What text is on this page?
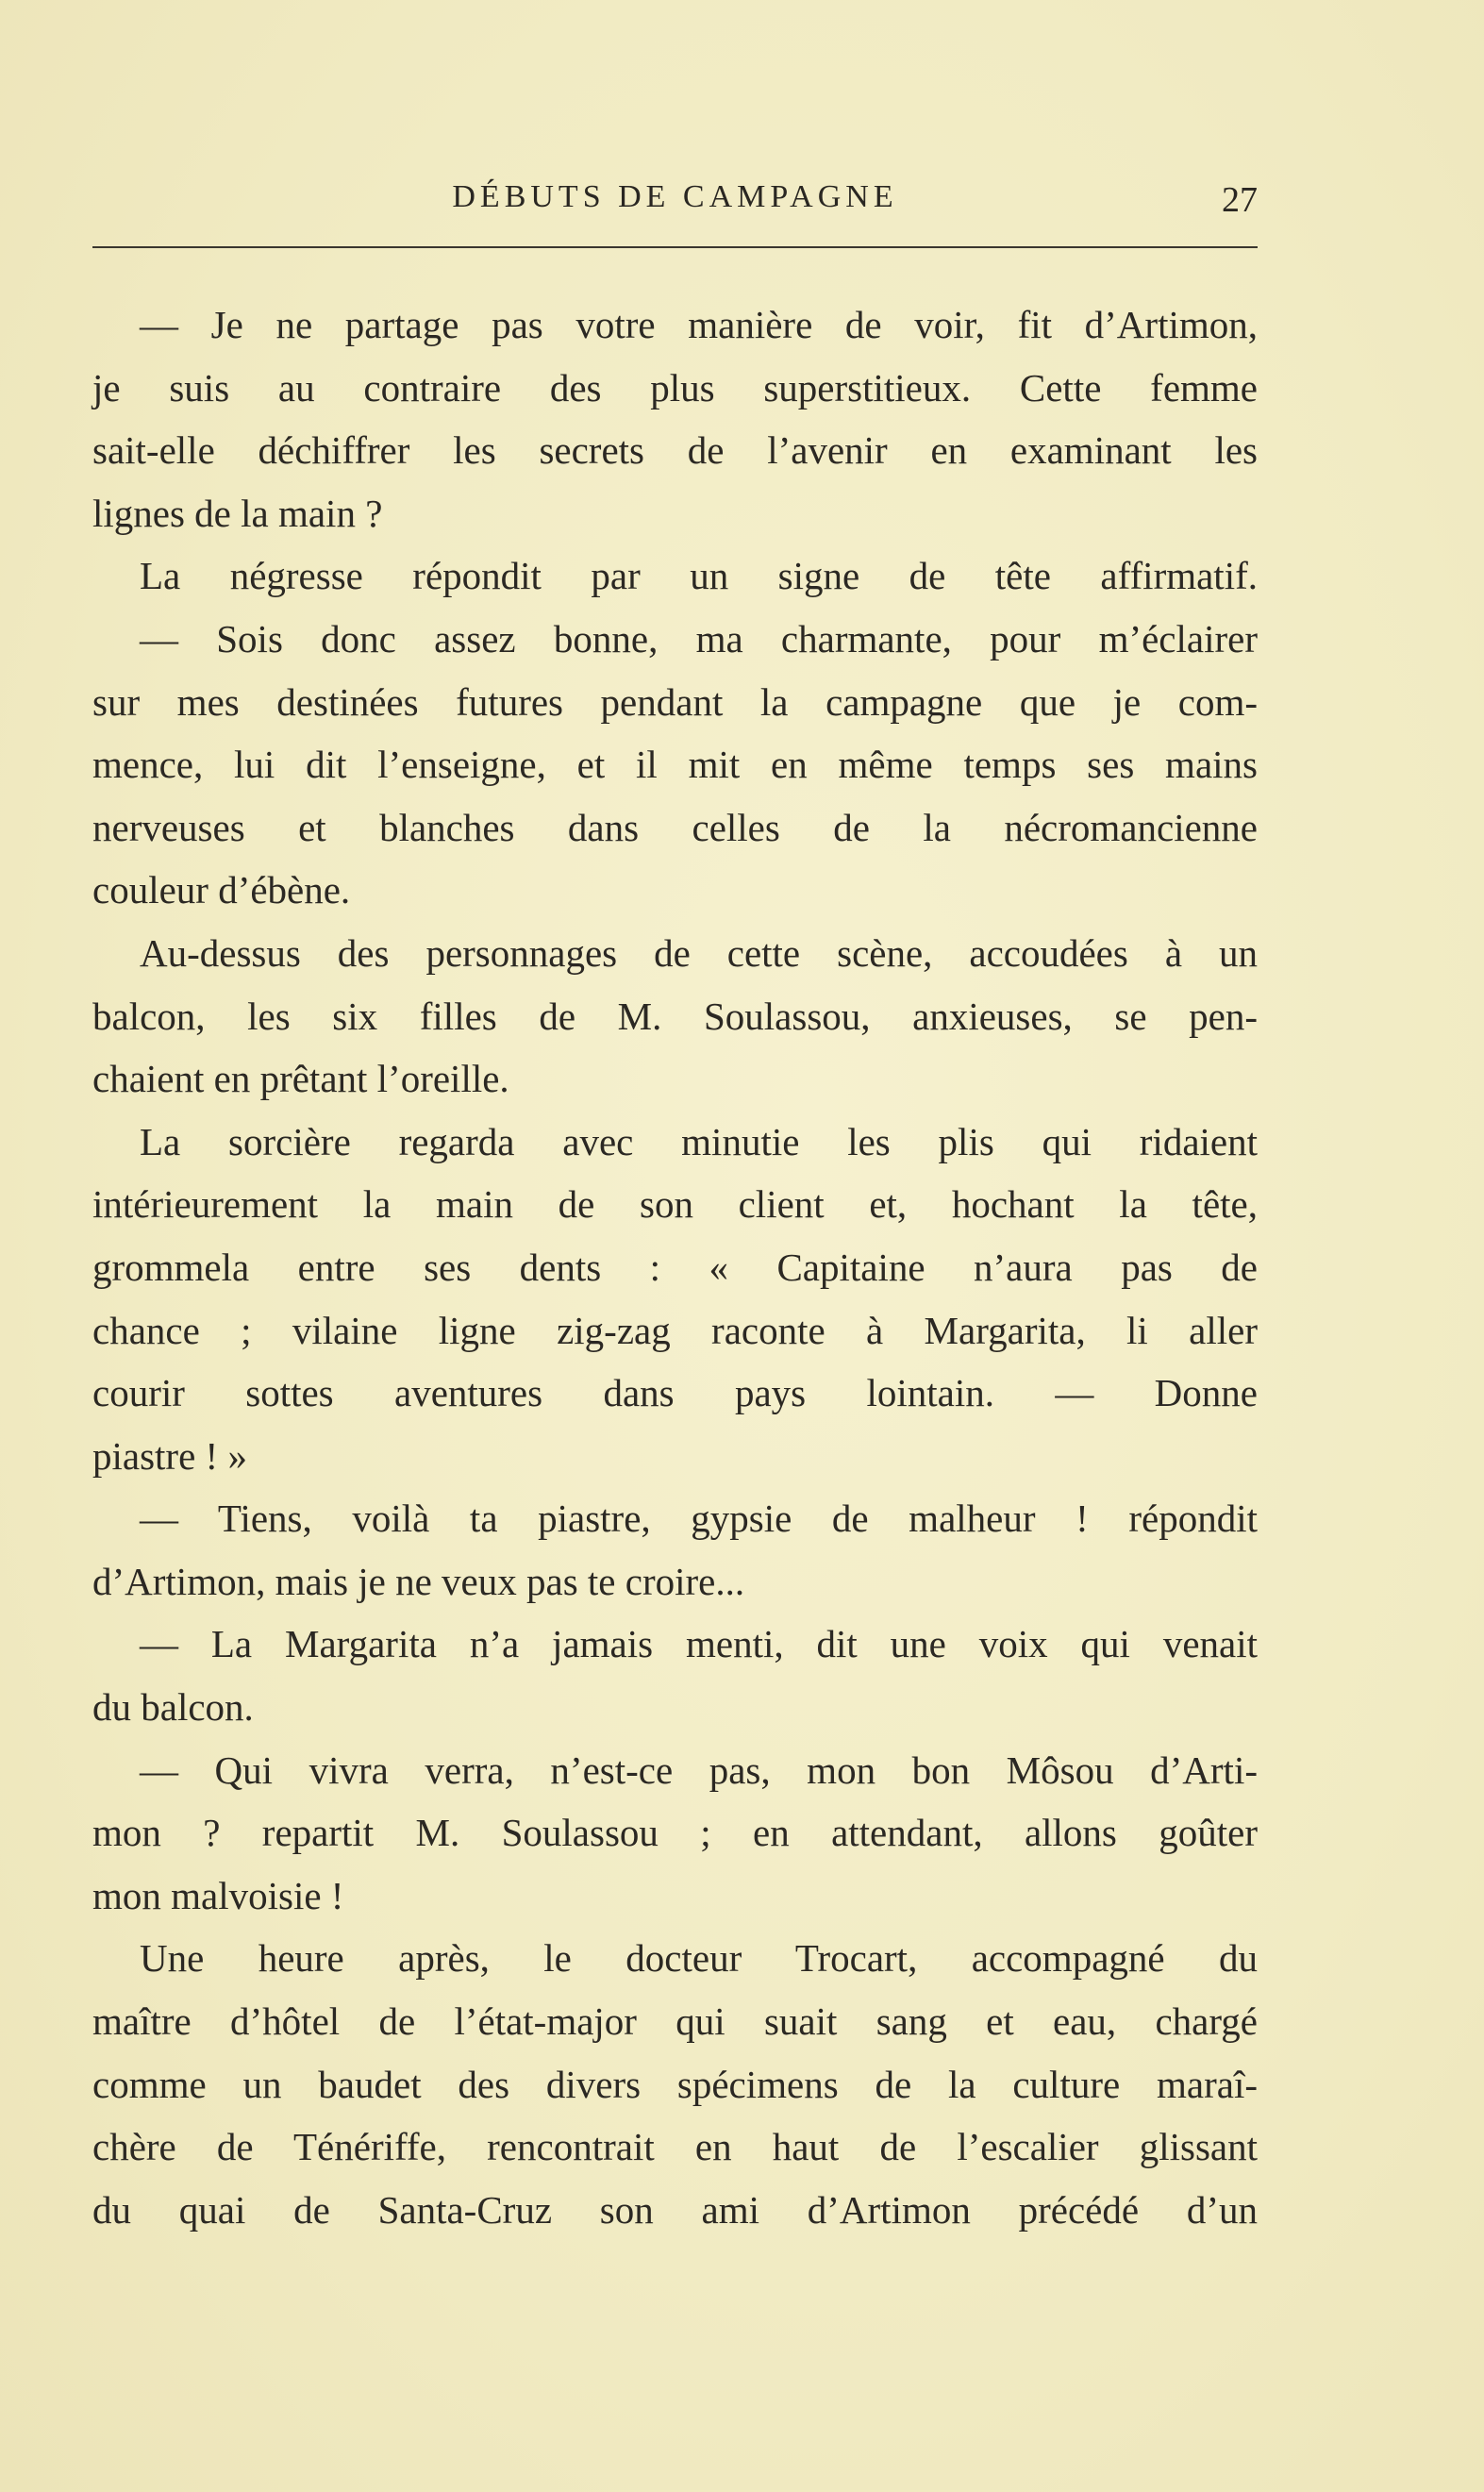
DÉBUTS DE CAMPAGNE	27
— Je ne partage pas votre manière de voir, fit d’Artimon,
je suis au contraire des plus superstitieux. Cette femme
sait-elle déchiffrer les secrets de l’avenir en examinant les
lignes de la main ?
La négresse répondit par un signe de tête affirmatif.
— Sois donc assez bonne, ma charmante, pour m’éclairer
sur mes destinées futures pendant la campagne que je com-
mence, lui dit l’enseigne, et il mit en même temps ses mains
nerveuses et blanches dans celles de la nécromancienne
couleur d’ébène.
Au-dessus des personnages de cette scène, accoudées à un
balcon, les six filles de M. Soulassou, anxieuses, se pen-
chaient en prêtant l’oreille.
La sorcière regarda avec minutie les plis qui ridaient
intérieurement la main de son client et, hochant la tête,
grommela entre ses dents : « Capitaine n’aura pas de
chance ; vilaine ligne zig-zag raconte à Margarita, li aller
courir sottes aventures dans pays lointain. — Donne
piastre ! »
— Tiens, voilà ta piastre, gypsie de malheur ! répondit
d’Artimon, mais je ne veux pas te croire...
— La Margarita n’a jamais menti, dit une voix qui venait
du balcon.
— Qui vivra verra, n’est-ce pas, mon bon Môsou d’Arti-
mon ? repartit M. Soulassou ; en attendant, allons goûter
mon malvoisie !
Une heure après, le docteur Trocart, accompagné du
maître d’hôtel de l’état-major qui suait sang et eau, chargé
comme un baudet des divers spécimens de la culture maraî-
chère de Ténériffe, rencontrait en haut de l’escalier glissant
du quai de Santa-Cruz son ami d’Artimon précédé d’un
